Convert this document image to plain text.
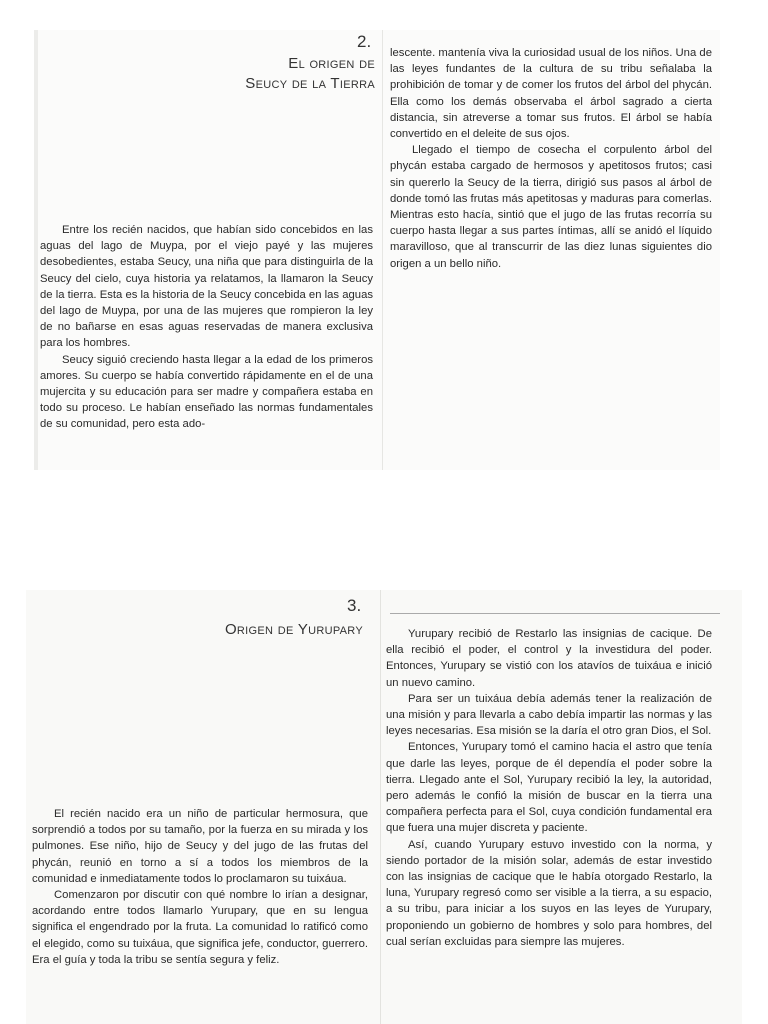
2.
El origen de
Seucy de la Tierra

Entre los recién nacidos, que habían sido concebidos en las aguas del lago de Muypa, por el viejo payé y las mujeres desobedientes, estaba Seucy, una niña que para distinguirla de la Seucy del cielo, cuya historia ya relatamos, la llamaron la Seucy de la tierra. Esta es la historia de la Seucy concebida en las aguas del lago de Muypa, por una de las mujeres que rompieron la ley de no bañarse en esas aguas reservadas de manera exclusiva para los hombres.

Seucy siguió creciendo hasta llegar a la edad de los primeros amores. Su cuerpo se había convertido rápidamente en el de una mujercita y su educación para ser madre y compañera estaba en todo su proceso. Le habían enseñado las normas fundamentales de su comunidad, pero esta ado-

lescente. mantenía viva la curiosidad usual de los niños. Una de las leyes fundantes de la cultura de su tribu señalaba la prohibición de tomar y de comer los frutos del árbol del phycán. Ella como los demás observaba el árbol sagrado a cierta distancia, sin atreverse a tomar sus frutos. El árbol se había convertido en el deleite de sus ojos.

Llegado el tiempo de cosecha el corpulento árbol del phycán estaba cargado de hermosos y apetitosos frutos; casi sin quererlo la Seucy de la tierra, dirigió sus pasos al árbol de donde tomó las frutas más apetitosas y maduras para comerlas. Mientras esto hacía, sintió que el jugo de las frutas recorría su cuerpo hasta llegar a sus partes íntimas, allí se anidó el líquido maravilloso, que al transcurrir de las diez lunas siguientes dio origen a un bello niño.

3.
Origen de Yurupary

El recién nacido era un niño de particular hermosura, que sorprendió a todos por su tamaño, por la fuerza en su mirada y los pulmones. Ese niño, hijo de Seucy y del jugo de las frutas del phycán, reunió en torno a sí a todos los miembros de la comunidad e inmediatamente todos lo proclamaron su tuixáua.

Comenzaron por discutir con qué nombre lo irían a designar, acordando entre todos llamarlo Yurupary, que en su lengua significa el engendrado por la fruta. La comunidad lo ratificó como el elegido, como su tuixáua, que significa jefe, conductor, guerrero. Era el guía y toda la tribu se sentía segura y feliz.

Yurupary recibió de Restarlo las insignias de cacique. De ella recibió el poder, el control y la investidura del poder. Entonces, Yurupary se vistió con los atavíos de tuixáua e inició un nuevo camino.

Para ser un tuixáua debía además tener la realización de una misión y para llevarla a cabo debía impartir las normas y las leyes necesarias. Esa misión se la daría el otro gran Dios, el Sol.

Entonces, Yurupary tomó el camino hacia el astro que tenía que darle las leyes, porque de él dependía el poder sobre la tierra. Llegado ante el Sol, Yurupary recibió la ley, la autoridad, pero además le confió la misión de buscar en la tierra una compañera perfecta para el Sol, cuya condición fundamental era que fuera una mujer discreta y paciente.

Así, cuando Yurupary estuvo investido con la norma, y siendo portador de la misión solar, además de estar investido con las insignias de cacique que le había otorgado Restarlo, la luna, Yurupary regresó como ser visible a la tierra, a su espacio, a su tribu, para iniciar a los suyos en las leyes de Yurupary, proponiendo un gobierno de hombres y solo para hombres, del cual serían excluidas para siempre las mujeres.
